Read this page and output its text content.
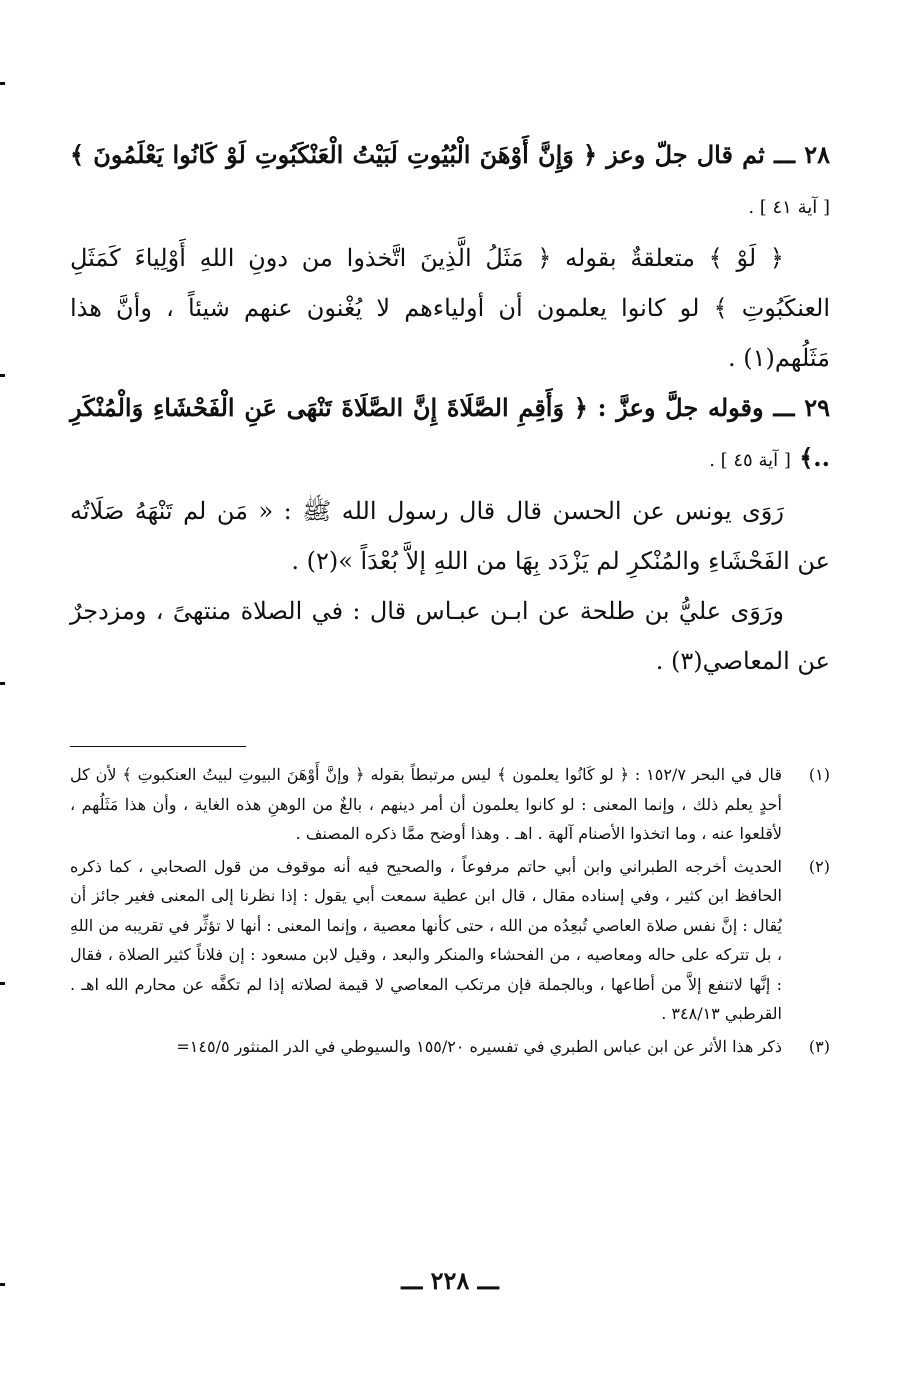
٢٨ ـــ ثم قال جلّ وعز ﴿ وَإِنَّ أَوْهَنَ الْبُيُوتِ لَبَيْتُ الْعَنْكَبُوتِ لَوْ كَانُوا يَعْلَمُونَ ﴾ [ آية ٤١ ] .

﴿ لَوْ ﴾ متعلقةٌ بقوله ﴿ مَثَلُ الَّذِينَ اتَّخذوا من دونِ اللهِ أَوْلِياءَ كَمَثَلِ العنكَبُوتِ ﴾ لو كانوا يعلمون أن أولياءهم لا يُغْنون عنهم شيئاً ، وأنَّ هذا مَثَلُهم(١) .

٢٩ ـــ وقوله جلَّ وعزَّ : ﴿ وَأَقِمِ الصَّلَاةَ إِنَّ الصَّلَاةَ تَنْهَى عَنِ الْفَحْشَاءِ وَالْمُنْكَرِ ..﴾ [ آية ٤٥ ] .

رَوَى يونس عن الحسن قال قال رسول الله ﷺ : « مَن لم تَنْهَهُ صَلَاتُه عن الفَحْشَاءِ والمُنْكرِ لم يَزْدَد بِهَا من اللهِ إلاَّ بُعْدَاً »(٢) .

ورَوَى عليُّ بن طلحة عن ابـن عبـاس قال : في الصلاة منتهىً ، ومزدجرٌ عن المعاصي(٣) .

(١)
قال في البحر ١٥٢/٧ : ﴿ لو كَانُوا يعلمون ﴾ ليس مرتبطاً بقوله ﴿ وإنَّ أَوْهَنَ البيوتِ لبيتُ العنكبوتِ ﴾ لأن كل أحدٍ يعلم ذلك ، وإنما المعنى : لو كانوا يعلمون أن أمر دينهم ، بالغٌ من الوهنِ هذه الغاية ، وأن هذا مَثَلُهم ، لأقلعوا عنه ، وما اتخذوا الأصنام آلهة . اهـ . وهذا أوضح ممَّا ذكره المصنف .
(٢)
الحديث أخرجه الطبراني وابن أبي حاتم مرفوعاً ، والصحيح فيه أنه موقوف من قول الصحابي ، كما ذكره الحافظ ابن كثير ، وفي إسناده مقال ، قال ابن عطية سمعت أبي يقول : إذا نظرنا إلى المعنى فغير جائز أن يُقال : إنَّ نفس صلاة العاصي تُبعِدُه من الله ، حتى كأنها معصية ، وإنما المعنى : أنها لا تؤثِّر في تقريبه من اللهِ ، بل تتركه على حاله ومعاصيه ، من الفحشاء والمنكر والبعد ، وقيل لابن مسعود : إن فلاناً كثير الصلاة ، فقال : إنَّها لاتنفع إلاَّ من أطاعها ، وبالجملة فإن مرتكب المعاصي لا قيمة لصلاته إذا لم تكفَّه عن محارم الله اهـ . القرطبي ٣٤٨/١٣ .
(٣)
ذكر هذا الأثر عن ابن عباس الطبري في تفسيره ١٥٥/٢٠ والسيوطي في الدر المنثور ١٤٥/٥=
ـــ ٢٢٨ ـــ
